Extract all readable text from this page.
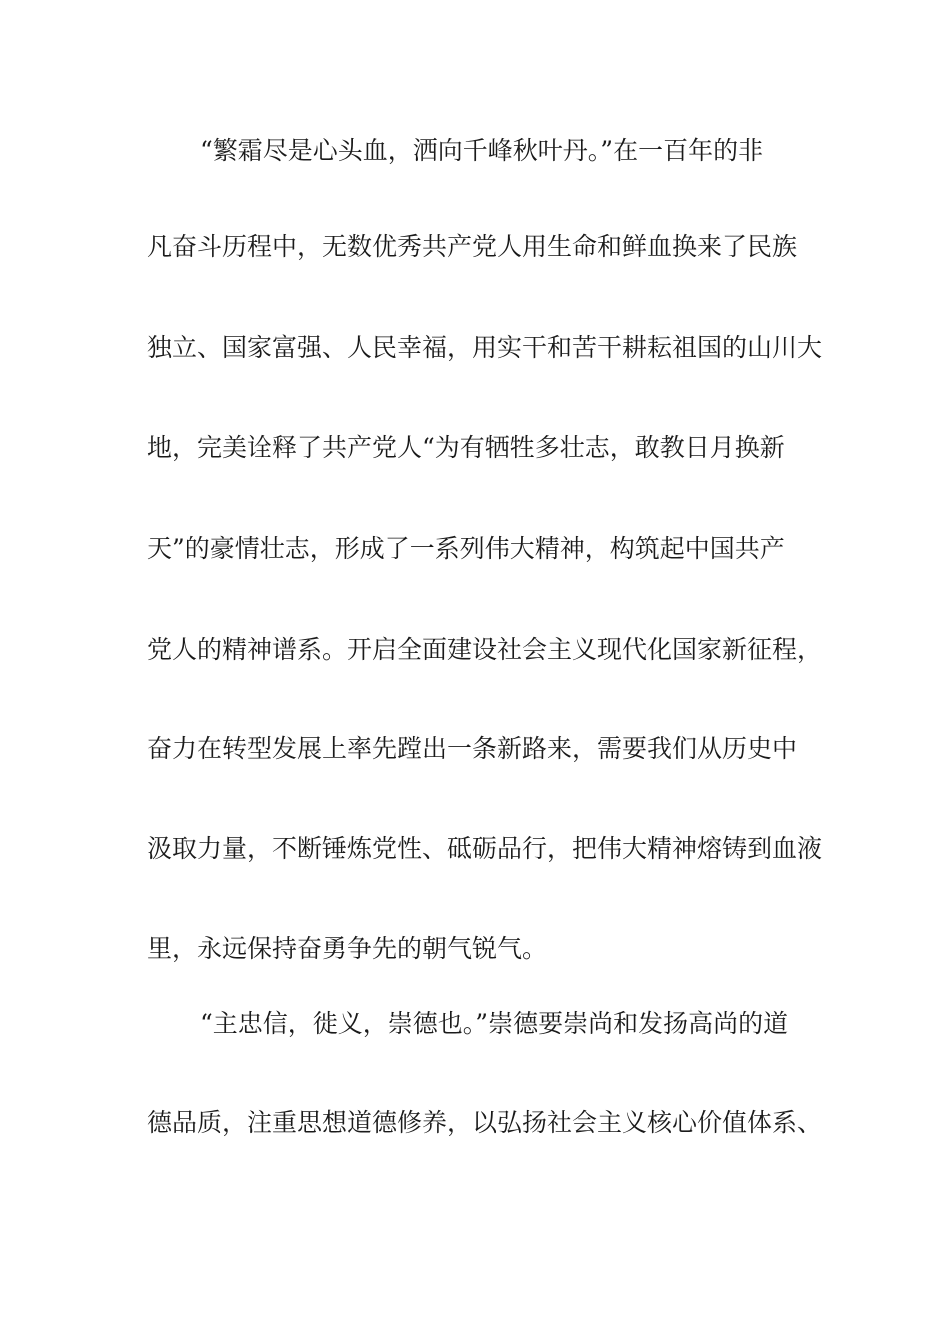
“繁霜尽是心头血，洒向千峰秋叶丹。”在一百年的非
凡奋斗历程中，无数优秀共产党人用生命和鲜血换来了民族
独立、国家富强、人民幸福，用实干和苦干耕耘祖国的山川大
地，完美诠释了共产党人“为有牺牲多壮志，敢教日月换新
天”的豪情壮志，形成了一系列伟大精神，构筑起中国共产
党人的精神谱系。开启全面建设社会主义现代化国家新征程，
奋力在转型发展上率先蹚出一条新路来，需要我们从历史中
汲取力量，不断锤炼党性、砥砺品行，把伟大精神熔铸到血液
里，永远保持奋勇争先的朝气锐气。
“主忠信，徙义，崇德也。”崇德要崇尚和发扬高尚的道
德品质，注重思想道德修养，以弘扬社会主义核心价值体系、
